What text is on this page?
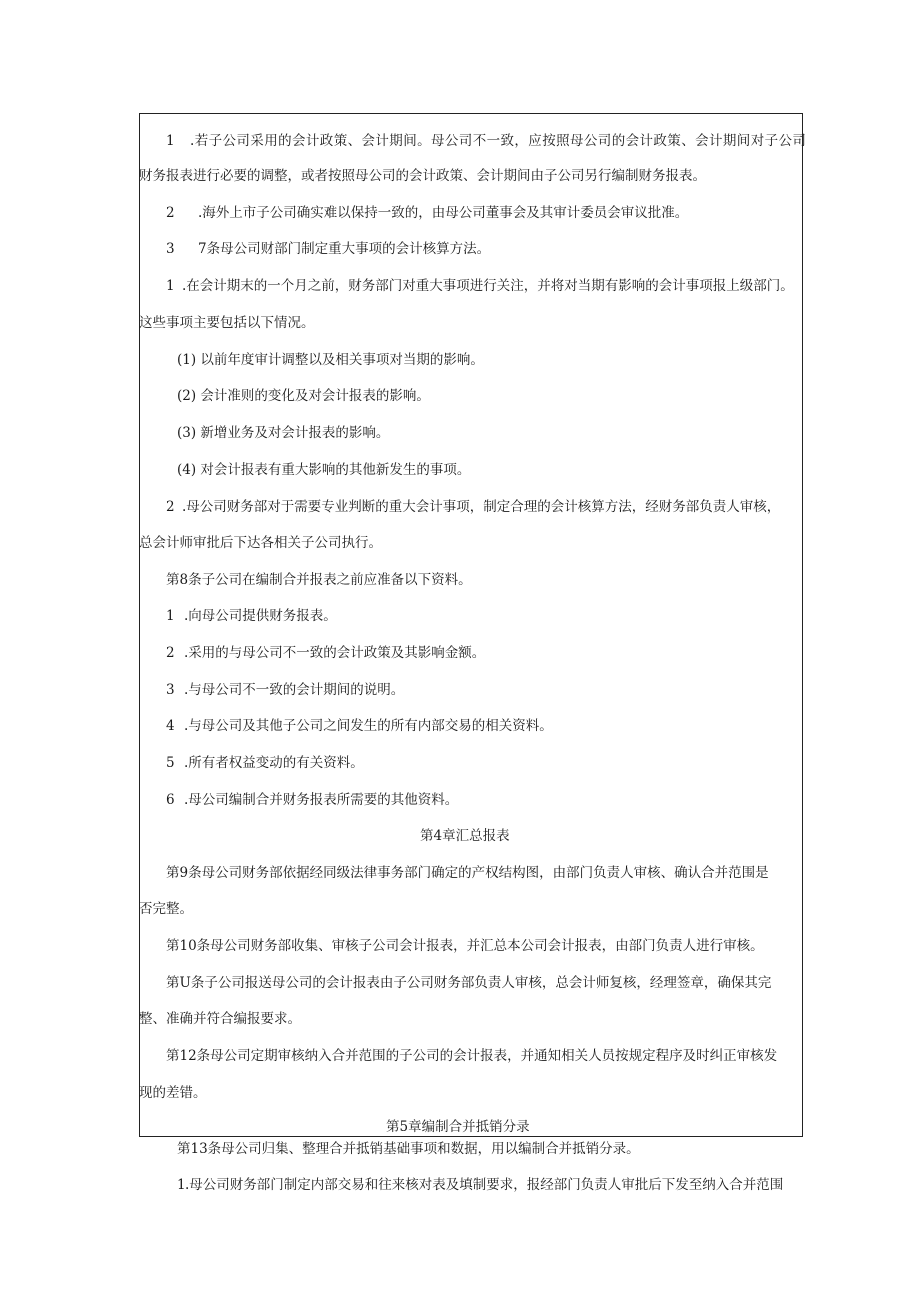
1 .若子公司采用的会计政策、会计期间。母公司不一致，应按照母公司的会计政策、会计期间对子公司
财务报表进行必要的调整，或者按照母公司的会计政策、会计期间由子公司另行编制财务报表。
2 .海外上市子公司确实难以保持一致的，由母公司董事会及其审计委员会审议批准。
3 7条母公司财部门制定重大事项的会计核算方法。
1 .在会计期末的一个月之前，财务部门对重大事项进行关注，并将对当期有影响的会计事项报上级部门。
这些事项主要包括以下情况。
(1) 以前年度审计调整以及相关事项对当期的影响。
(2) 会计准则的变化及对会计报表的影响。
(3) 新增业务及对会计报表的影响。
(4) 对会计报表有重大影响的其他新发生的事项。
2 .母公司财务部对于需要专业判断的重大会计事项，制定合理的会计核算方法，经财务部负责人审核，
总会计师审批后下达各相关子公司执行。
第8条子公司在编制合并报表之前应准备以下资料。
1 .向母公司提供财务报表。
2 .采用的与母公司不一致的会计政策及其影响金额。
3 .与母公司不一致的会计期间的说明。
4 .与母公司及其他子公司之间发生的所有内部交易的相关资料。
5 .所有者权益变动的有关资料。
6 .母公司编制合并财务报表所需要的其他资料。
第4章汇总报表
第9条母公司财务部依据经同级法律事务部门确定的产权结构图，由部门负责人审核、确认合并范围是
否完整。
第10条母公司财务部收集、审核子公司会计报表，并汇总本公司会计报表，由部门负责人进行审核。
第U条子公司报送母公司的会计报表由子公司财务部负责人审核，总会计师复核，经理签章，确保其完
整、准确并符合编报要求。
第12条母公司定期审核纳入合并范围的子公司的会计报表，并通知相关人员按规定程序及时纠正审核发
现的差错。
第5章编制合并抵销分录
第13条母公司归集、整理合并抵销基础事项和数据，用以编制合并抵销分录。
1.母公司财务部门制定内部交易和往来核对表及填制要求，报经部门负责人审批后下发至纳入合并范围
